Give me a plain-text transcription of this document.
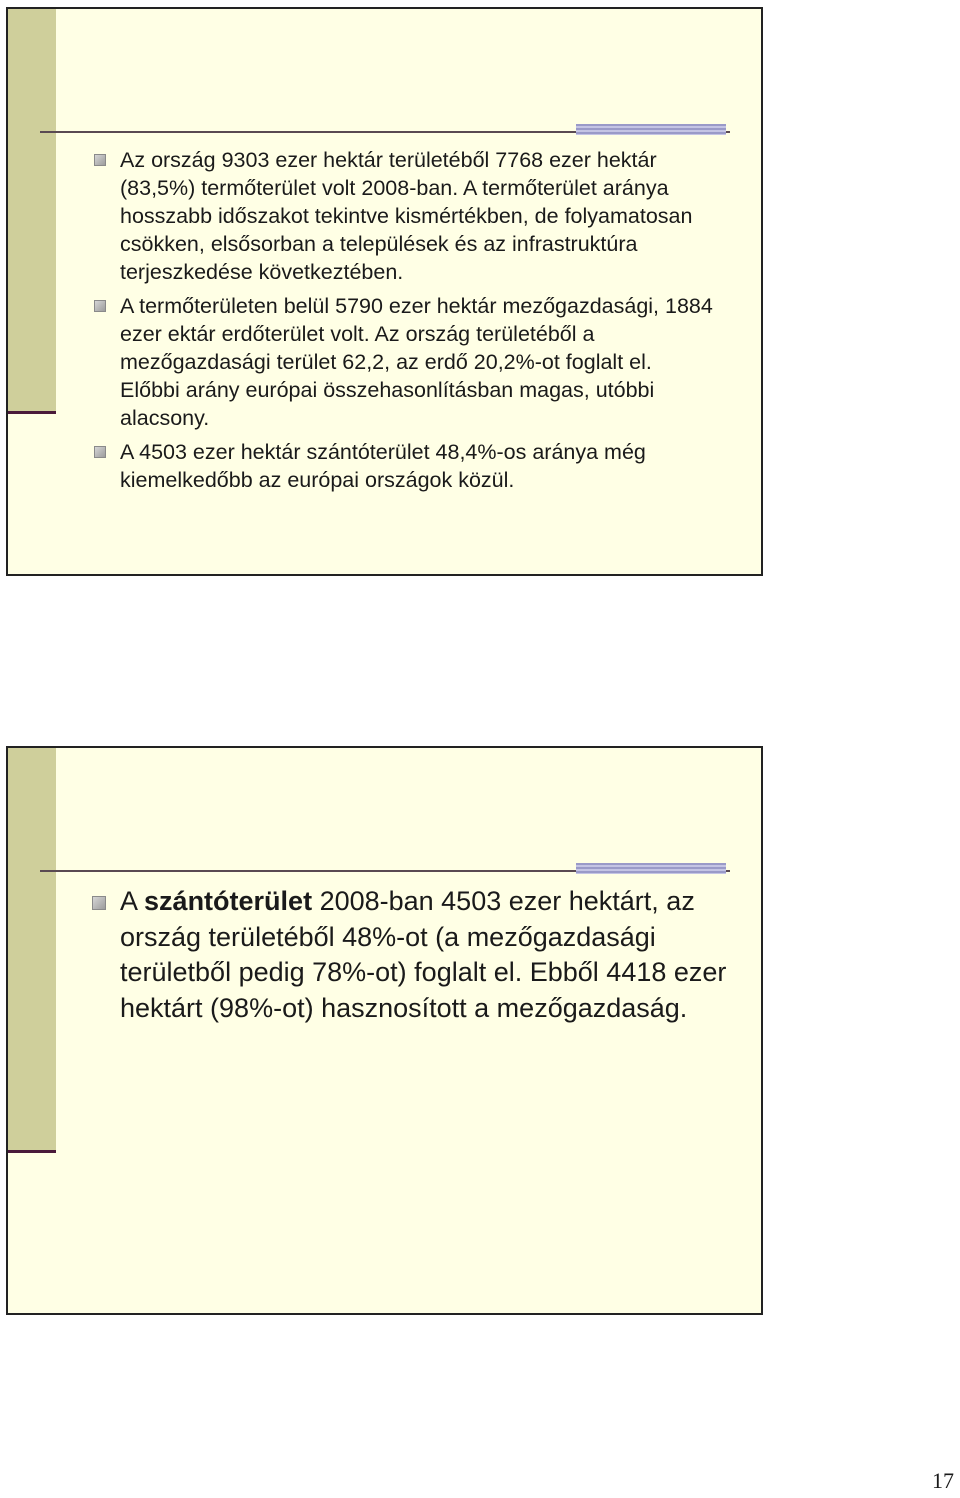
Az ország 9303 ezer hektár területéből 7768 ezer hektár (83,5%) termőterület volt 2008-ban. A termőterület aránya hosszabb időszakot tekintve kismértékben, de folyamatosan csökken, elsősorban a települések és az infrastruktúra terjeszkedése következtében.
A termőterületen belül 5790 ezer hektár mezőgazdasági, 1884 ezer ektár erdőterület volt. Az ország területéből a mezőgazdasági terület 62,2, az erdő 20,2%-ot foglalt el. Előbbi arány európai összehasonlításban magas, utóbbi alacsony.
A 4503 ezer hektár szántóterület 48,4%-os aránya még kiemelkedőbb az európai országok közül.
A szántóterület 2008-ban 4503 ezer hektárt, az ország területéből 48%-ot (a mezőgazdasági területből pedig 78%-ot) foglalt el. Ebből 4418 ezer hektárt (98%-ot) hasznosított a mezőgazdaság.
17
